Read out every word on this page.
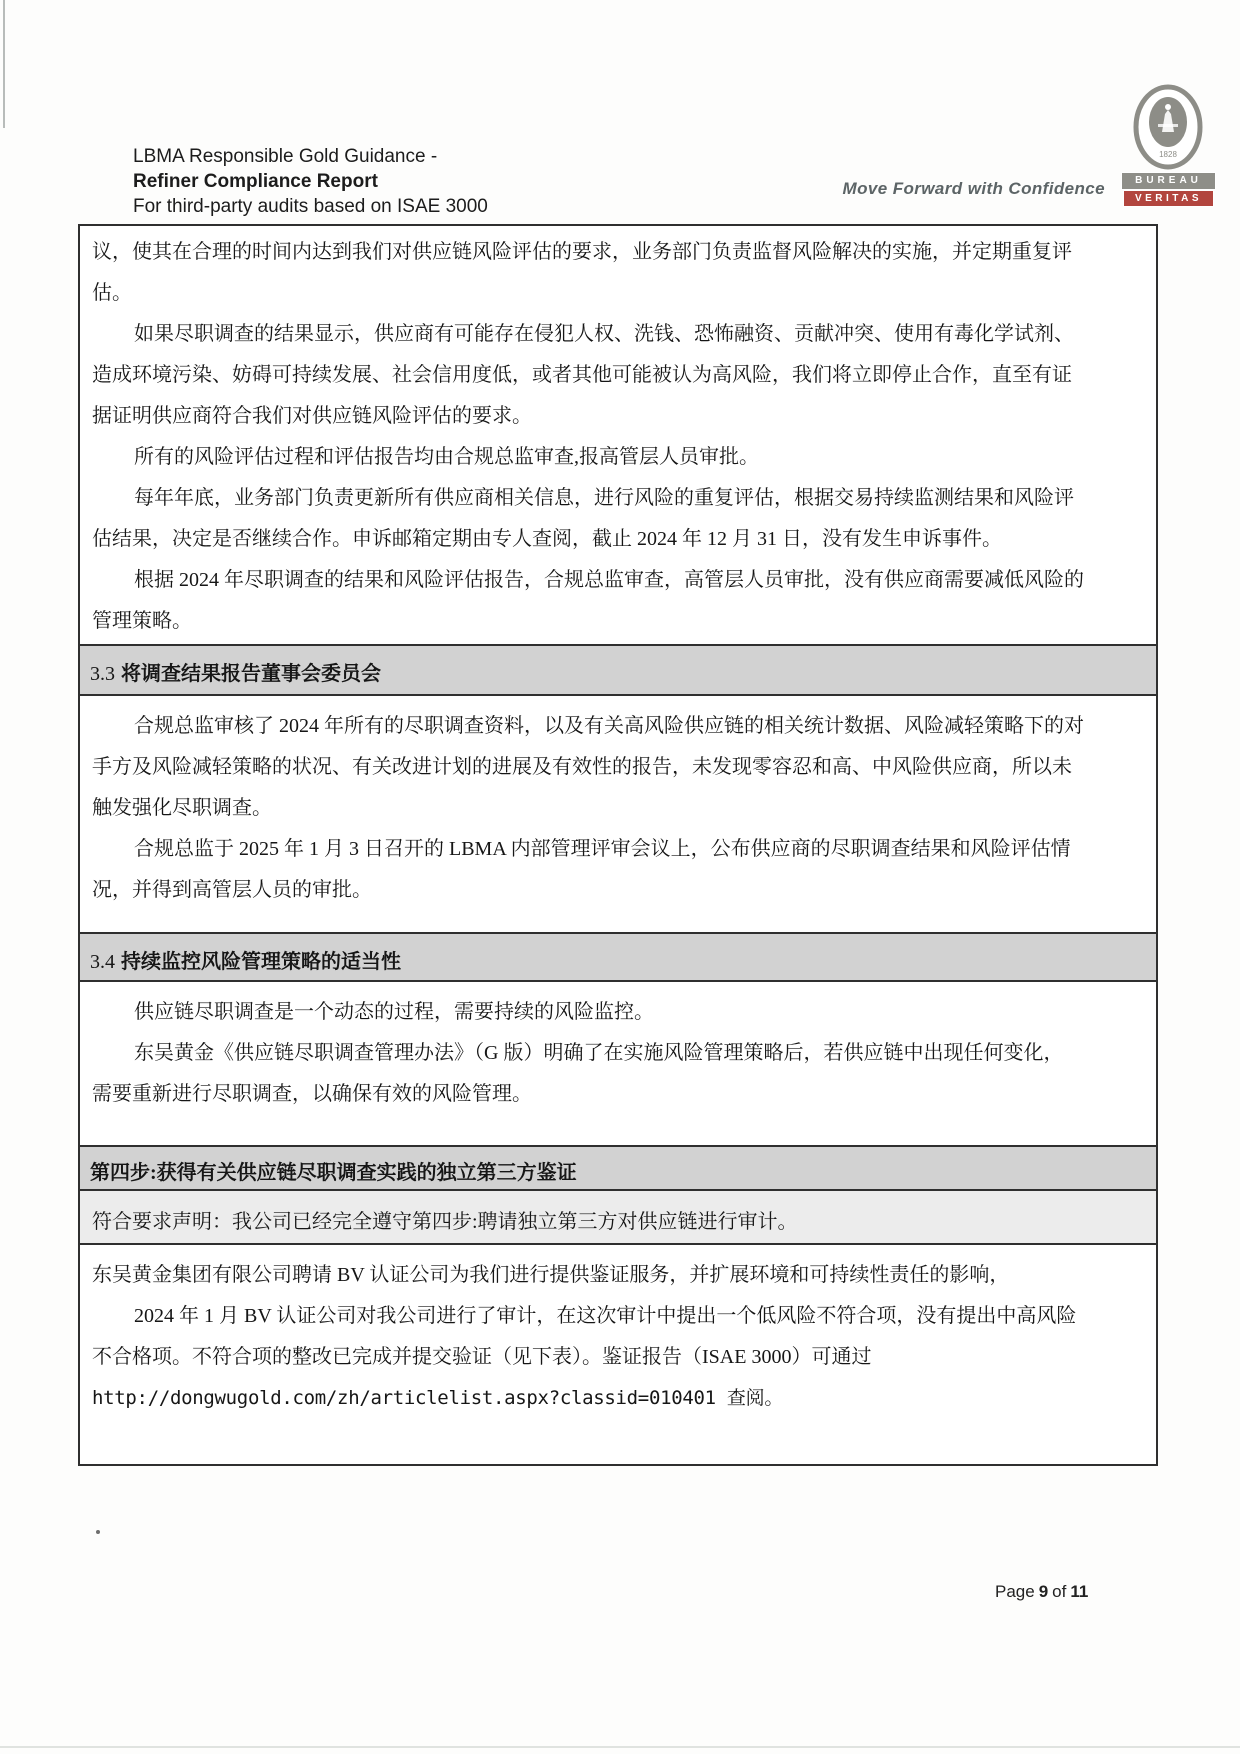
LBMA Responsible Gold Guidance -
Refiner Compliance Report
For third-party audits based on ISAE 3000
Move Forward with Confidence
1828
BUREAU
VERITAS
议，使其在合理的时间内达到我们对供应链风险评估的要求，业务部门负责监督风险解决的实施，并定期重复评
估。
如果尽职调查的结果显示，供应商有可能存在侵犯人权、洗钱、恐怖融资、贡献冲突、使用有毒化学试剂、
造成环境污染、妨碍可持续发展、社会信用度低，或者其他可能被认为高风险，我们将立即停止合作，直至有证
据证明供应商符合我们对供应链风险评估的要求。
所有的风险评估过程和评估报告均由合规总监审查,报高管层人员审批。
每年年底，业务部门负责更新所有供应商相关信息，进行风险的重复评估，根据交易持续监测结果和风险评
估结果，决定是否继续合作。申诉邮箱定期由专人查阅，截止 2024 年 12 月 31 日，没有发生申诉事件。
根据 2024 年尽职调查的结果和风险评估报告，合规总监审查，高管层人员审批，没有供应商需要减低风险的
管理策略。
3.3 将调查结果报告董事会委员会
合规总监审核了 2024 年所有的尽职调查资料，以及有关高风险供应链的相关统计数据、风险减轻策略下的对
手方及风险减轻策略的状况、有关改进计划的进展及有效性的报告，未发现零容忍和高、中风险供应商，所以未
触发强化尽职调查。
合规总监于 2025 年 1 月 3 日召开的 LBMA 内部管理评审会议上，公布供应商的尽职调查结果和风险评估情
况，并得到高管层人员的审批。
3.4 持续监控风险管理策略的适当性
供应链尽职调查是一个动态的过程，需要持续的风险监控。
东吴黄金《供应链尽职调查管理办法》（G 版）明确了在实施风险管理策略后，若供应链中出现任何变化，
需要重新进行尽职调查，以确保有效的风险管理。
第四步:获得有关供应链尽职调查实践的独立第三方鉴证
符合要求声明：我公司已经完全遵守第四步:聘请独立第三方对供应链进行审计。
东吴黄金集团有限公司聘请 BV 认证公司为我们进行提供鉴证服务，并扩展环境和可持续性责任的影响，
2024 年 1 月 BV 认证公司对我公司进行了审计，在这次审计中提出一个低风险不符合项，没有提出中高风险
不合格项。不符合项的整改已完成并提交验证（见下表）。鉴证报告（ISAE 3000）可通过
http://dongwugold.com/zh/articlelist.aspx?classid=010401 查阅。
Page 9 of 11
